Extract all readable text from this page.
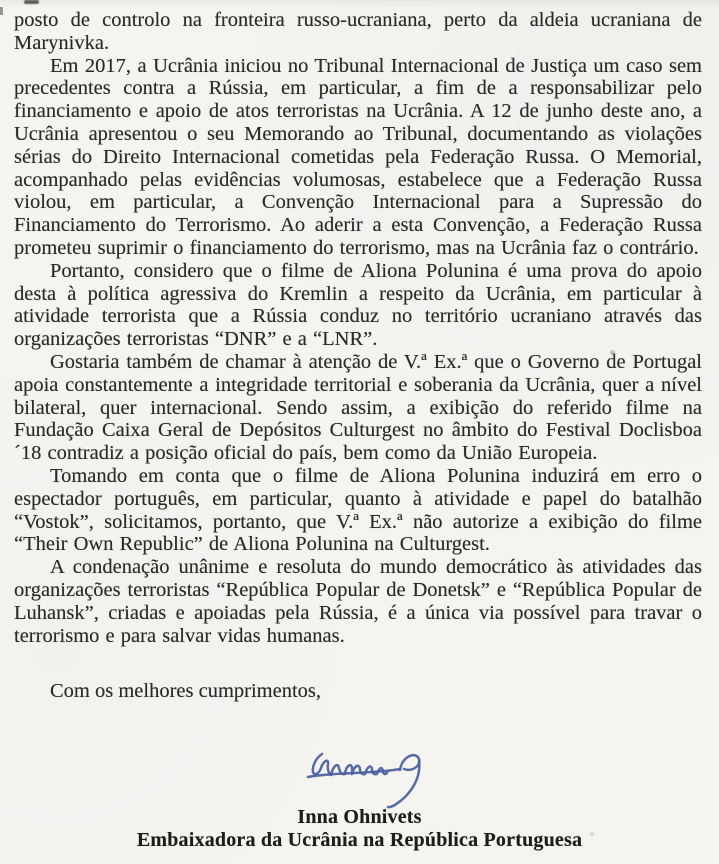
posto de controlo na fronteira russo-ucraniana, perto da aldeia ucraniana de Marynivka.

Em 2017, a Ucrânia iniciou no Tribunal Internacional de Justiça um caso sem precedentes contra a Rússia, em particular, a fim de a responsabilizar pelo financiamento e apoio de atos terroristas na Ucrânia. A 12 de junho deste ano, a Ucrânia apresentou o seu Memorando ao Tribunal, documentando as violações sérias do Direito Internacional cometidas pela Federação Russa. O Memorial, acompanhado pelas evidências volumosas, estabelece que a Federação Russa violou, em particular, a Convenção Internacional para a Supressão do Financiamento do Terrorismo. Ao aderir a esta Convenção, a Federação Russa prometeu suprimir o financiamento do terrorismo, mas na Ucrânia faz o contrário.

Portanto, considero que o filme de Aliona Polunina é uma prova do apoio desta à política agressiva do Kremlin a respeito da Ucrânia, em particular à atividade terrorista que a Rússia conduz no território ucraniano através das organizações terroristas “DNR” e a “LNR”.

Gostaria também de chamar à atenção de V.ª Ex.ª que o Governo de Portugal apoia constantemente a integridade territorial e soberania da Ucrânia, quer a nível bilateral, quer internacional. Sendo assim, a exibição do referido filme na Fundação Caixa Geral de Depósitos Culturgest no âmbito do Festival Doclisboa´18 contradiz a posição oficial do país, bem como da União Europeia.

Tomando em conta que o filme de Aliona Polunina induzirá em erro o espectador português, em particular, quanto à atividade e papel do batalhão “Vostok”, solicitamos, portanto, que V.ª Ex.ª não autorize a exibição do filme “Their Own Republic” de Aliona Polunina na Culturgest.

A condenação unânime e resoluta do mundo democrático às atividades das organizações terroristas “República Popular de Donetsk” e “República Popular de Luhansk”, criadas e apoiadas pela Rússia, é a única via possível para travar o terrorismo e para salvar vidas humanas.

Com os melhores cumprimentos,

Inna Ohnivets
Embaixadora da Ucrânia na República Portuguesa
